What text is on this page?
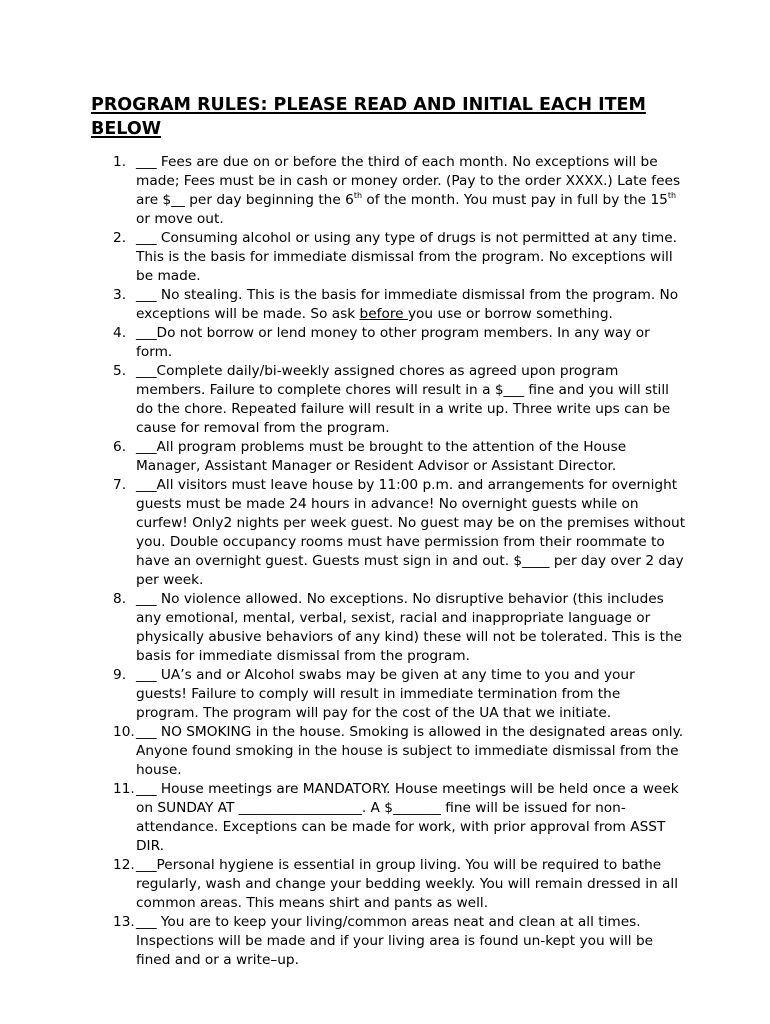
PROGRAM RULES: PLEASE READ AND INITIAL EACH ITEM BELOW
1. ___ Fees are due on or before the third of each month. No exceptions will be made; Fees must be in cash or money order. (Pay to the order XXXX.) Late fees are $__ per day beginning the 6th of the month. You must pay in full by the 15th or move out.
2. ___ Consuming alcohol or using any type of drugs is not permitted at any time. This is the basis for immediate dismissal from the program. No exceptions will be made.
3. ___ No stealing. This is the basis for immediate dismissal from the program. No exceptions will be made. So ask before you use or borrow something.
4. ___Do not borrow or lend money to other program members. In any way or form.
5. ___Complete daily/bi-weekly assigned chores as agreed upon program members. Failure to complete chores will result in a $___ fine and you will still do the chore. Repeated failure will result in a write up. Three write ups can be cause for removal from the program.
6. ___All program problems must be brought to the attention of the House Manager, Assistant Manager or Resident Advisor or Assistant Director.
7. ___All visitors must leave house by 11:00 p.m. and arrangements for overnight guests must be made 24 hours in advance! No overnight guests while on curfew! Only2 nights per week guest. No guest may be on the premises without you. Double occupancy rooms must have permission from their roommate to have an overnight guest. Guests must sign in and out. $____ per day over 2 day per week.
8. ___ No violence allowed. No exceptions. No disruptive behavior (this includes any emotional, mental, verbal, sexist, racial and inappropriate language or physically abusive behaviors of any kind) these will not be tolerated. This is the basis for immediate dismissal from the program.
9. ___ UA’s and or Alcohol swabs may be given at any time to you and your guests! Failure to comply will result in immediate termination from the program. The program will pay for the cost of the UA that we initiate.
10. ___ NO SMOKING in the house. Smoking is allowed in the designated areas only. Anyone found smoking in the house is subject to immediate dismissal from the house.
11. ___ House meetings are MANDATORY. House meetings will be held once a week on SUNDAY AT __________________. A $_______ fine will be issued for non-attendance. Exceptions can be made for work, with prior approval from ASST DIR.
12. ___Personal hygiene is essential in group living. You will be required to bathe regularly, wash and change your bedding weekly. You will remain dressed in all common areas. This means shirt and pants as well.
13. ___ You are to keep your living/common areas neat and clean at all times. Inspections will be made and if your living area is found un-kept you will be fined and or a write–up.
